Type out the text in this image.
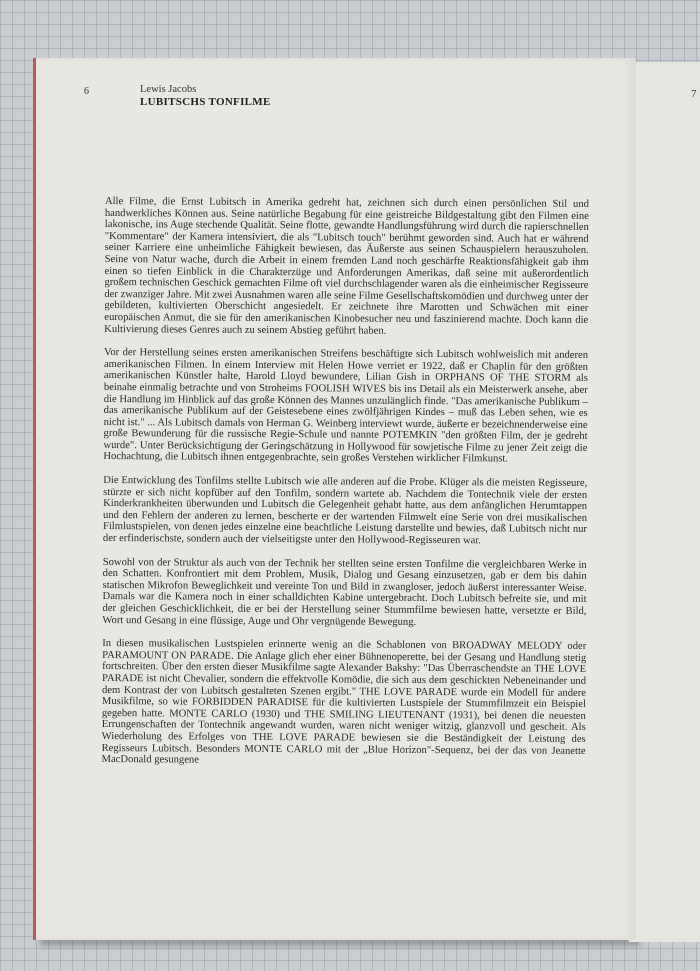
7
6	Lewis Jacobs
LUBITSCHS TONFILME

Alle Filme, die Ernst Lubitsch in Amerika gedreht hat, zeichnen sich durch einen persönlichen Stil und handwerkliches Können aus. Seine natürliche Begabung für eine geistreiche Bildgestaltung gibt den Filmen eine lakonische, ins Auge stechende Qualität. Seine flotte, gewandte Handlungsführung wird durch die rapierschnellen "Kommentare" der Kamera intensiviert, die als "Lubitsch touch" berühmt geworden sind. Auch hat er während seiner Karriere eine unheimliche Fähigkeit bewiesen, das Äußerste aus seinen Schauspielern herauszuholen. Seine von Natur wache, durch die Arbeit in einem fremden Land noch geschärfte Reaktionsfähigkeit gab ihm einen so tiefen Einblick in die Charakterzüge und Anforderungen Amerikas, daß seine mit außerordentlich großem technischen Geschick gemachten Filme oft viel durchschlagender waren als die einheimischer Regisseure der zwanziger Jahre. Mit zwei Ausnahmen waren alle seine Filme Gesellschaftskomödien und durchweg unter der gebildeten, kultivierten Oberschicht angesiedelt. Er zeichnete ihre Marotten und Schwächen mit einer europäischen Anmut, die sie für den amerikanischen Kinobesucher neu und faszinierend machte. Doch kann die Kultivierung dieses Genres auch zu seinem Abstieg geführt haben.

Vor der Herstellung seines ersten amerikanischen Streifens beschäftigte sich Lubitsch wohlweislich mit anderen amerikanischen Filmen. In einem Interview mit Helen Howe verriet er 1922, daß er Chaplin für den größten amerikanischen Künstler halte, Harold Lloyd bewundere, Lilian Gish in ORPHANS OF THE STORM als beinahe einmalig betrachte und von Stroheims FOOLISH WIVES bis ins Detail als ein Meisterwerk ansehe, aber die Handlung im Hinblick auf das große Können des Mannes unzulänglich finde. "Das amerikanische Publikum – das amerikanische Publikum auf der Geistesebene eines zwölfjährigen Kindes – muß das Leben sehen, wie es nicht ist." ... Als Lubitsch damals von Herman G. Weinberg interviewt wurde, äußerte er bezeichnenderweise eine große Bewunderung für die russische Regie-Schule und nannte POTEMKIN "den größten Film, der je gedreht wurde". Unter Berücksichtigung der Geringschätzung in Hollywood für sowjetische Filme zu jener Zeit zeigt die Hochachtung, die Lubitsch ihnen entgegenbrachte, sein großes Verstehen wirklicher Filmkunst.

Die Entwicklung des Tonfilms stellte Lubitsch wie alle anderen auf die Probe. Klüger als die meisten Regisseure, stürzte er sich nicht kopfüber auf den Tonfilm, sondern wartete ab. Nachdem die Tontechnik viele der ersten Kinderkrankheiten überwunden und Lubitsch die Gelegenheit gehabt hatte, aus dem anfänglichen Herumtappen und den Fehlern der anderen zu lernen, bescherte er der wartenden Filmwelt eine Serie von drei musikalischen Filmlustspielen, von denen jedes einzelne eine beachtliche Leistung darstellte und bewies, daß Lubitsch nicht nur der erfinderischste, sondern auch der vielseitigste unter den Hollywood-Regisseuren war.

Sowohl von der Struktur als auch von der Technik her stellten seine ersten Tonfilme die vergleichbaren Werke in den Schatten. Konfrontiert mit dem Problem, Musik, Dialog und Gesang einzusetzen, gab er dem bis dahin statischen Mikrofon Beweglichkeit und vereinte Ton und Bild in zwangloser, jedoch äußerst interessanter Weise. Damals war die Kamera noch in einer schalldichten Kabine untergebracht. Doch Lubitsch befreite sie, und mit der gleichen Geschicklichkeit, die er bei der Herstellung seiner Stummfilme bewiesen hatte, versetzte er Bild, Wort und Gesang in eine flüssige, Auge und Ohr vergnügende Bewegung.

In diesen musikalischen Lustspielen erinnerte wenig an die Schablonen von BROADWAY MELODY oder PARAMOUNT ON PARADE. Die Anlage glich eher einer Bühnenoperette, bei der Gesang und Handlung stetig fortschreiten. Über den ersten dieser Musikfilme sagte Alexander Bakshy: "Das Überraschendste an THE LOVE PARADE ist nicht Chevalier, sondern die effektvolle Komödie, die sich aus dem geschickten Nebeneinander und dem Kontrast der von Lubitsch gestalteten Szenen ergibt." THE LOVE PARADE wurde ein Modell für andere Musikfilme, so wie FORBIDDEN PARADISE für die kultivierten Lustspiele der Stummfilmzeit ein Beispiel gegeben hatte. MONTE CARLO (1930) und THE SMILING LIEUTENANT (1931), bei denen die neuesten Errungenschaften der Tontechnik angewandt wurden, waren nicht weniger witzig, glanzvoll und gescheit. Als Wiederholung des Erfolges von THE LOVE PARADE bewiesen sie die Beständigkeit der Leistung des Regisseurs Lubitsch. Besonders MONTE CARLO mit der „Blue Horizon"-Sequenz, bei der das von Jeanette MacDonald gesungene
